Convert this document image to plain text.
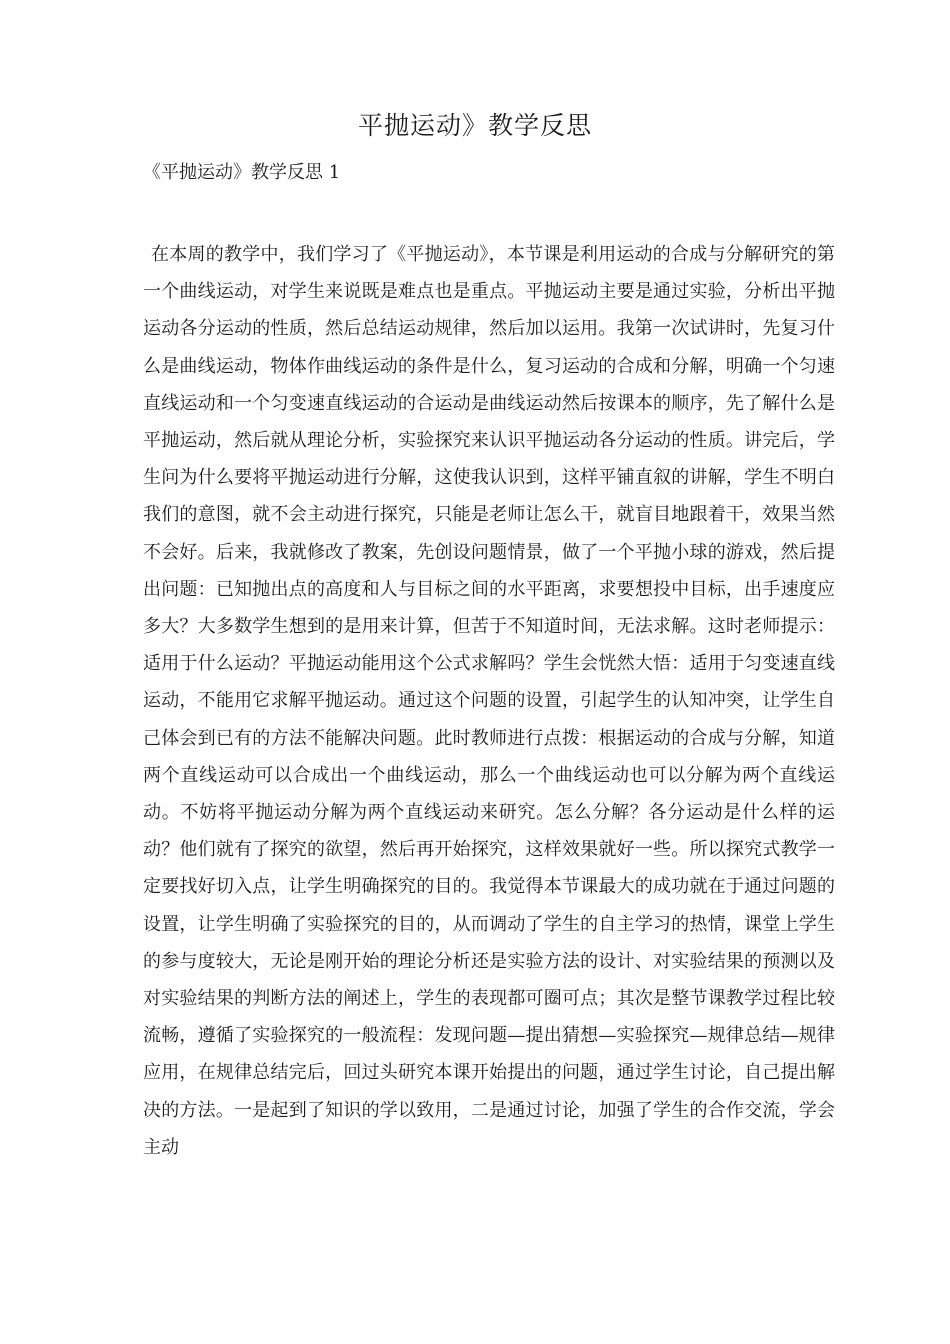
平抛运动》教学反思
《平抛运动》教学反思 1

在本周的教学中，我们学习了《平抛运动》，本节课是利用运动的合成与分解研究的第一个曲线运动，对学生来说既是难点也是重点。平抛运动主要是通过实验，分析出平抛运动各分运动的性质，然后总结运动规律，然后加以运用。我第一次试讲时，先复习什么是曲线运动，物体作曲线运动的条件是什么，复习运动的合成和分解，明确一个匀速直线运动和一个匀变速直线运动的合运动是曲线运动然后按课本的顺序，先了解什么是平抛运动，然后就从理论分析，实验探究来认识平抛运动各分运动的性质。讲完后，学生问为什么要将平抛运动进行分解，这使我认识到，这样平铺直叙的讲解，学生不明白我们的意图，就不会主动进行探究，只能是老师让怎么干，就盲目地跟着干，效果当然不会好。后来，我就修改了教案，先创设问题情景，做了一个平抛小球的游戏，然后提出问题：已知抛出点的高度和人与目标之间的水平距离，求要想投中目标，出手速度应多大？大多数学生想到的是用来计算，但苦于不知道时间，无法求解。这时老师提示：适用于什么运动？平抛运动能用这个公式求解吗？学生会恍然大悟：适用于匀变速直线运动，不能用它求解平抛运动。通过这个问题的设置，引起学生的认知冲突，让学生自己体会到已有的方法不能解决问题。此时教师进行点拨：根据运动的合成与分解，知道两个直线运动可以合成出一个曲线运动，那么一个曲线运动也可以分解为两个直线运动。不妨将平抛运动分解为两个直线运动来研究。怎么分解？各分运动是什么样的运动？他们就有了探究的欲望，然后再开始探究，这样效果就好一些。所以探究式教学一定要找好切入点，让学生明确探究的目的。我觉得本节课最大的成功就在于通过问题的设置，让学生明确了实验探究的目的，从而调动了学生的自主学习的热情，课堂上学生的参与度较大，无论是刚开始的理论分析还是实验方法的设计、对实验结果的预测以及对实验结果的判断方法的阐述上，学生的表现都可圈可点；其次是整节课教学过程比较流畅，遵循了实验探究的一般流程：发现问题—提出猜想—实验探究—规律总结—规律应用，在规律总结完后，回过头研究本课开始提出的问题，通过学生讨论，自己提出解决的方法。一是起到了知识的学以致用，二是通过讨论，加强了学生的合作交流，学会主动
